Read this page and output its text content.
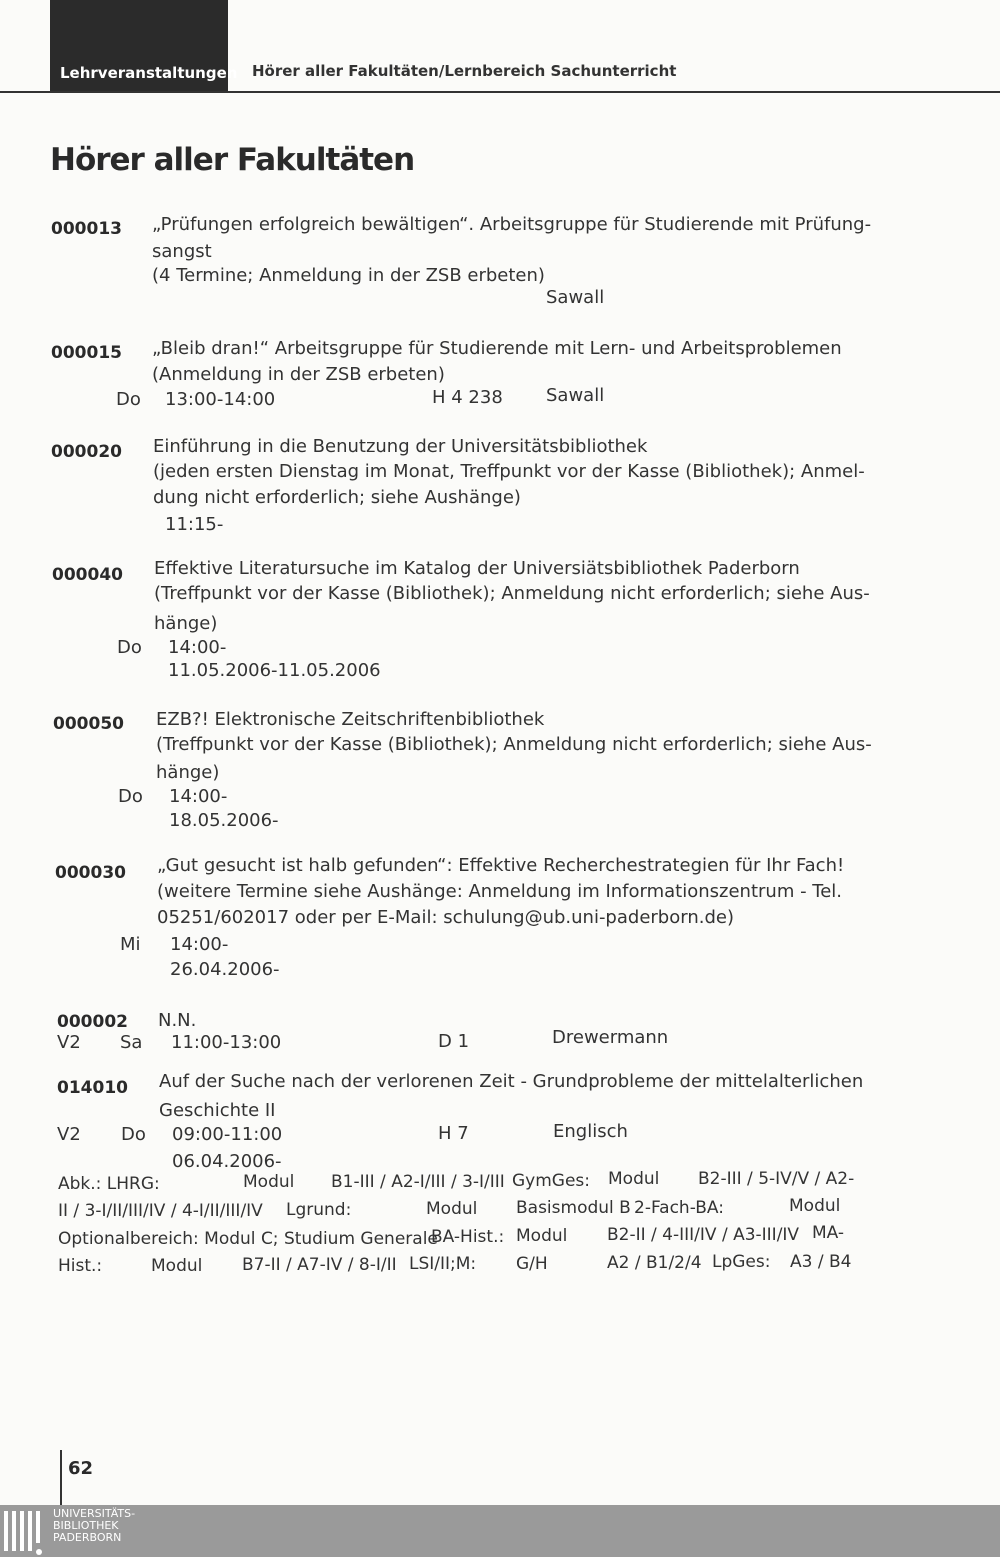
Lehrveranstaltungen Hörer aller Fakultäten/Lernbereich Sachunterricht
Hörer aller Fakultäten
000013 „Prüfungen erfolgreich bewältigen“. Arbeitsgruppe für Studierende mit Prüfung-
sangst
(4 Termine; Anmeldung in der ZSB erbeten)
Sawall
000015 „Bleib dran!“ Arbeitsgruppe für Studierende mit Lern- und Arbeitsproblemen
(Anmeldung in der ZSB erbeten)
Do 13:00-14:00	H 4 238 Sawall
000020 Einführung in die Benutzung der Universitätsbibliothek
(jeden ersten Dienstag im Monat, Treffpunkt vor der Kasse (Bibliothek); Anmel-
dung nicht erforderlich; siehe Aushänge)
11:15-
000040 Effektive Literatursuche im Katalog der Universiätsbibliothek Paderborn
(Treffpunkt vor der Kasse (Bibliothek); Anmeldung nicht erforderlich; siehe Aus-
hänge)
Do 14:00-
11.05.2006-11.05.2006
000050 EZB?! Elektronische Zeitschriftenbibliothek
(Treffpunkt vor der Kasse (Bibliothek); Anmeldung nicht erforderlich; siehe Aus-
hänge)
Do 14:00-
18.05.2006-
000030 „Gut gesucht ist halb gefunden“: Effektive Recherchestrategien für Ihr Fach!
(weitere Termine siehe Aushänge: Anmeldung im Informationszentrum - Tel.
05251/602017 oder per E-Mail: schulung@ub.uni-paderborn.de)
Mi 14:00-
26.04.2006-
000002 N.N.
V2 Sa 11:00-13:00	D 1	Drewermann
014010 Auf der Suche nach der verlorenen Zeit - Grundprobleme der mittelalterlichen
Geschichte II
V2 Do 09:00-11:00	H 7	Englisch
06.04.2006-
Abk.: LHRG:	Modul B1-III / A2-I/III / 3-I/III GymGes: Modul B2-III / 5-IV/V / A2-
II / 3-I/II/III/IV / 4-I/II/III/IV Lgrund:	Modul Basismodul B 2-Fach-BA:	Modul
Optionalbereich: Modul C; Studium Generale
BA-Hist.: Modul B2-II / 4-III/IV / A3-III/IV MA-
Hist.:	Modul B7-II / A7-IV / 8-I/II LSI/II;M: G/H	A2 / B1/2/4 LpGes: A3 / B4
62
UNIVERSITÄTS-
BIBLIOTHEK
PADERBORN
